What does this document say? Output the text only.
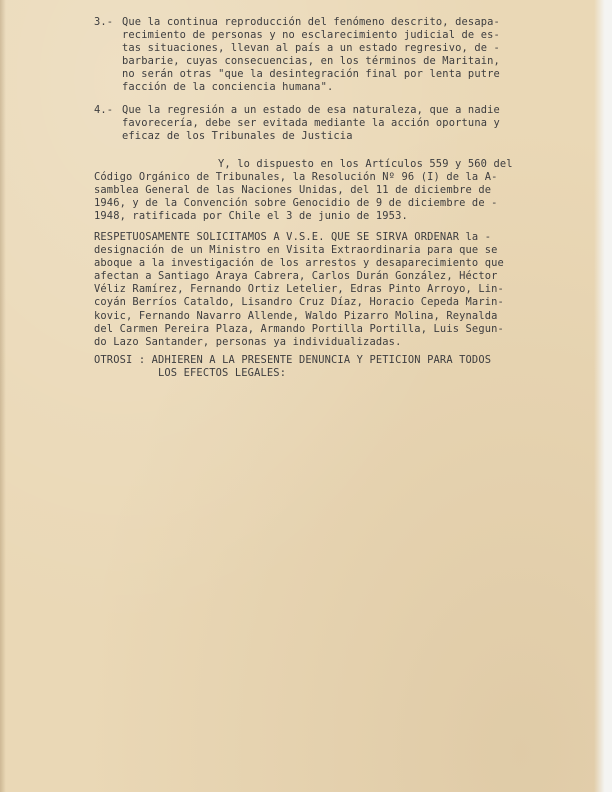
3.- Que la continua reproducción del fenómeno descrito, desapa-
recimiento de personas y no esclarecimiento judicial de es-
tas situaciones, llevan al país a un estado regresivo, de -
barbarie, cuyas consecuencias, en los términos de Maritain,
no serán otras "que la desintegración final por lenta putre
facción de la conciencia humana".
4.- Que la regresión a un estado de esa naturaleza, que a nadie
favorecería, debe ser evitada mediante la acción oportuna y
eficaz de los Tribunales de Justicia
Y, lo dispuesto en los Artículos 559 y 560 del
Código Orgánico de Tribunales, la Resolución Nº 96 (I) de la A-
samblea General de las Naciones Unidas, del 11 de diciembre de
1946, y de la Convención sobre Genocidio de 9 de diciembre de -
1948, ratificada por Chile el 3 de junio de 1953.
RESPETUOSAMENTE SOLICITAMOS A V.S.E. QUE SE SIRVA ORDENAR la -
designación de un Ministro en Visita Extraordinaria para que se
aboque a la investigación de los arrestos y desaparecimiento que
afectan a Santiago Araya Cabrera, Carlos Durán González, Héctor
Véliz Ramírez, Fernando Ortiz Letelier, Edras Pinto Arroyo, Lin-
coyán Berríos Cataldo, Lisandro Cruz Díaz, Horacio Cepeda Marin-
kovic, Fernando Navarro Allende, Waldo Pizarro Molina, Reynalda
del Carmen Pereira Plaza, Armando Portilla Portilla, Luis Segun-
do Lazo Santander, personas ya individualizadas.
OTROSI : ADHIEREN A LA PRESENTE DENUNCIA Y PETICION PARA TODOS
LOS EFECTOS LEGALES:
